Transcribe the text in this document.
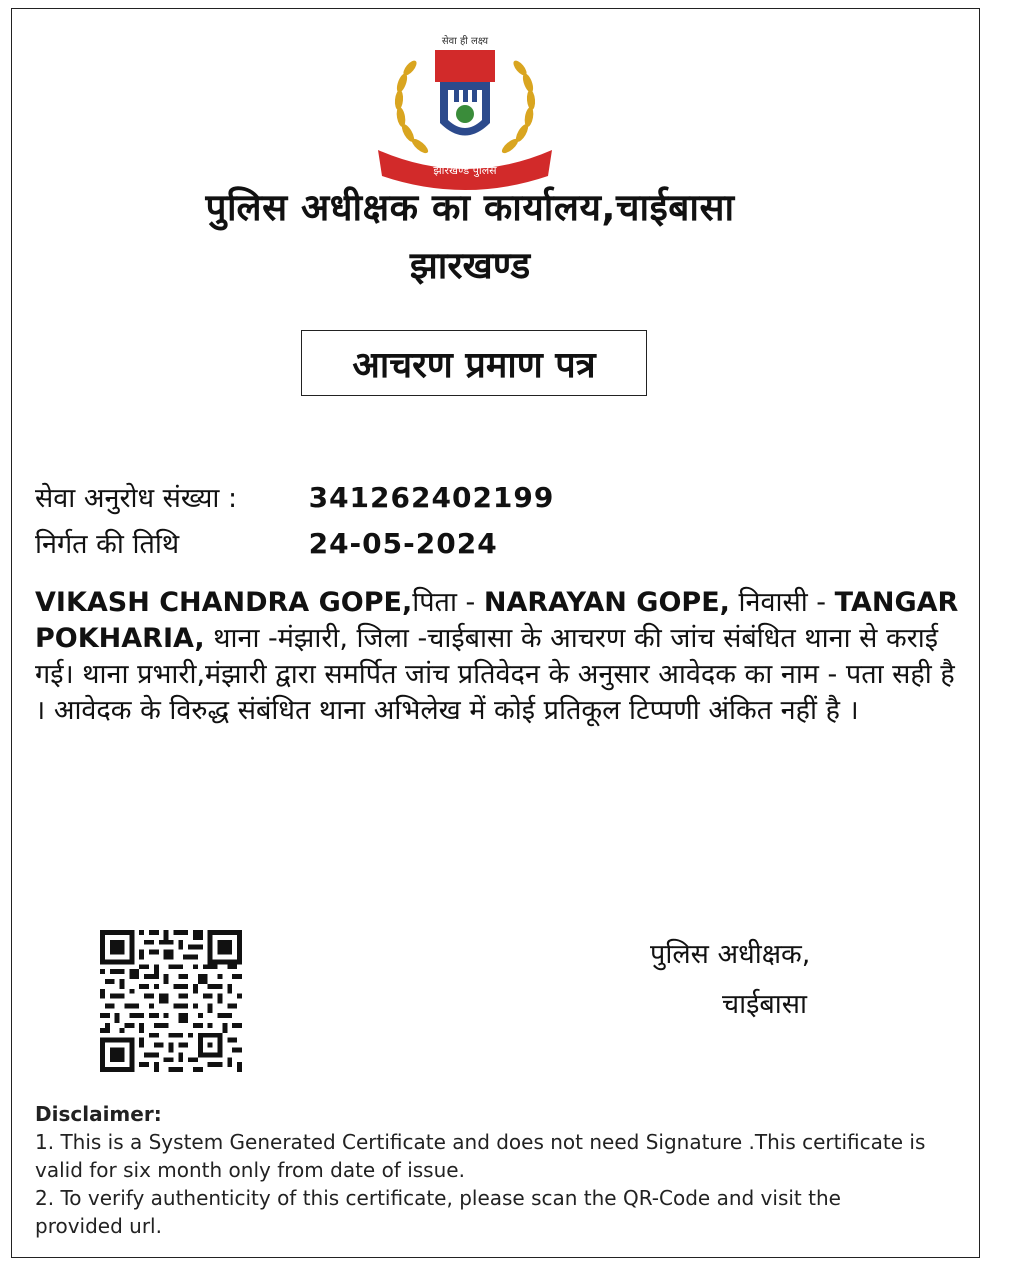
झारखण्ड पुलिस
सेवा ही लक्ष्य
पुलिस अधीक्षक का कार्यालय,चाईबासा
झारखण्ड
आचरण प्रमाण पत्र
सेवा अनुरोध संख्या :	341262402199
निर्गत की तिथि	24-05-2024
VIKASH CHANDRA GOPE,पिता - NARAYAN GOPE, निवासी - TANGAR POKHARIA, थाना -मंझारी, जिला -चाईबासा के आचरण की जांच संबंधित थाना से कराई गई। थाना प्रभारी,मंझारी द्वारा समर्पित जांच प्रतिवेदन के अनुसार आवेदक का नाम - पता सही है । आवेदक के विरुद्ध संबंधित थाना अभिलेख में कोई प्रतिकूल टिप्पणी अंकित नहीं है ।
पुलिस अधीक्षक,
चाईबासा
Disclaimer:
1. This is a System Generated Certificate and does not need Signature .This certificate is valid for six month only from date of issue.
2. To verify authenticity of this certificate, please scan the QR-Code and visit the provided url.
